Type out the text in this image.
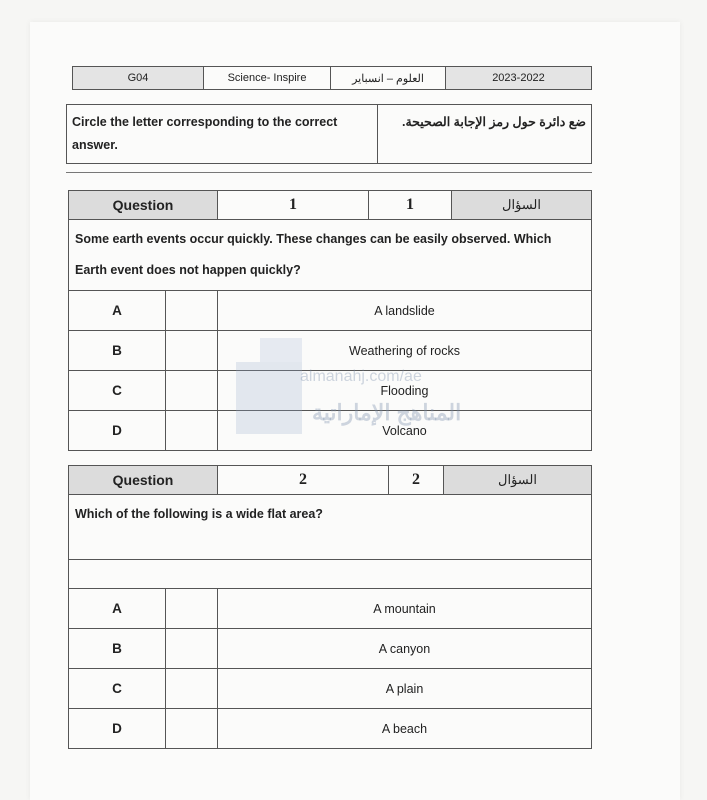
G04	Science- Inspire	العلوم – انسباير	2023-2022
Circle the letter corresponding to the correct answer.	ضع دائرة حول رمز الإجابة الصحيحة.
Question		1	1	السؤال
Some earth events occur quickly. These changes can be easily observed. Which Earth event does not happen quickly?				
A		A landslide		
B		Weathering of rocks		
C		Flooding		
D		Volcano		
Question		2	2	السؤال
Which of the following is a wide flat area?				

A		A mountain		
B		A canyon		
C		A plain		
D		A beach		
almanahj.com/ae
المناهج الإماراتية
